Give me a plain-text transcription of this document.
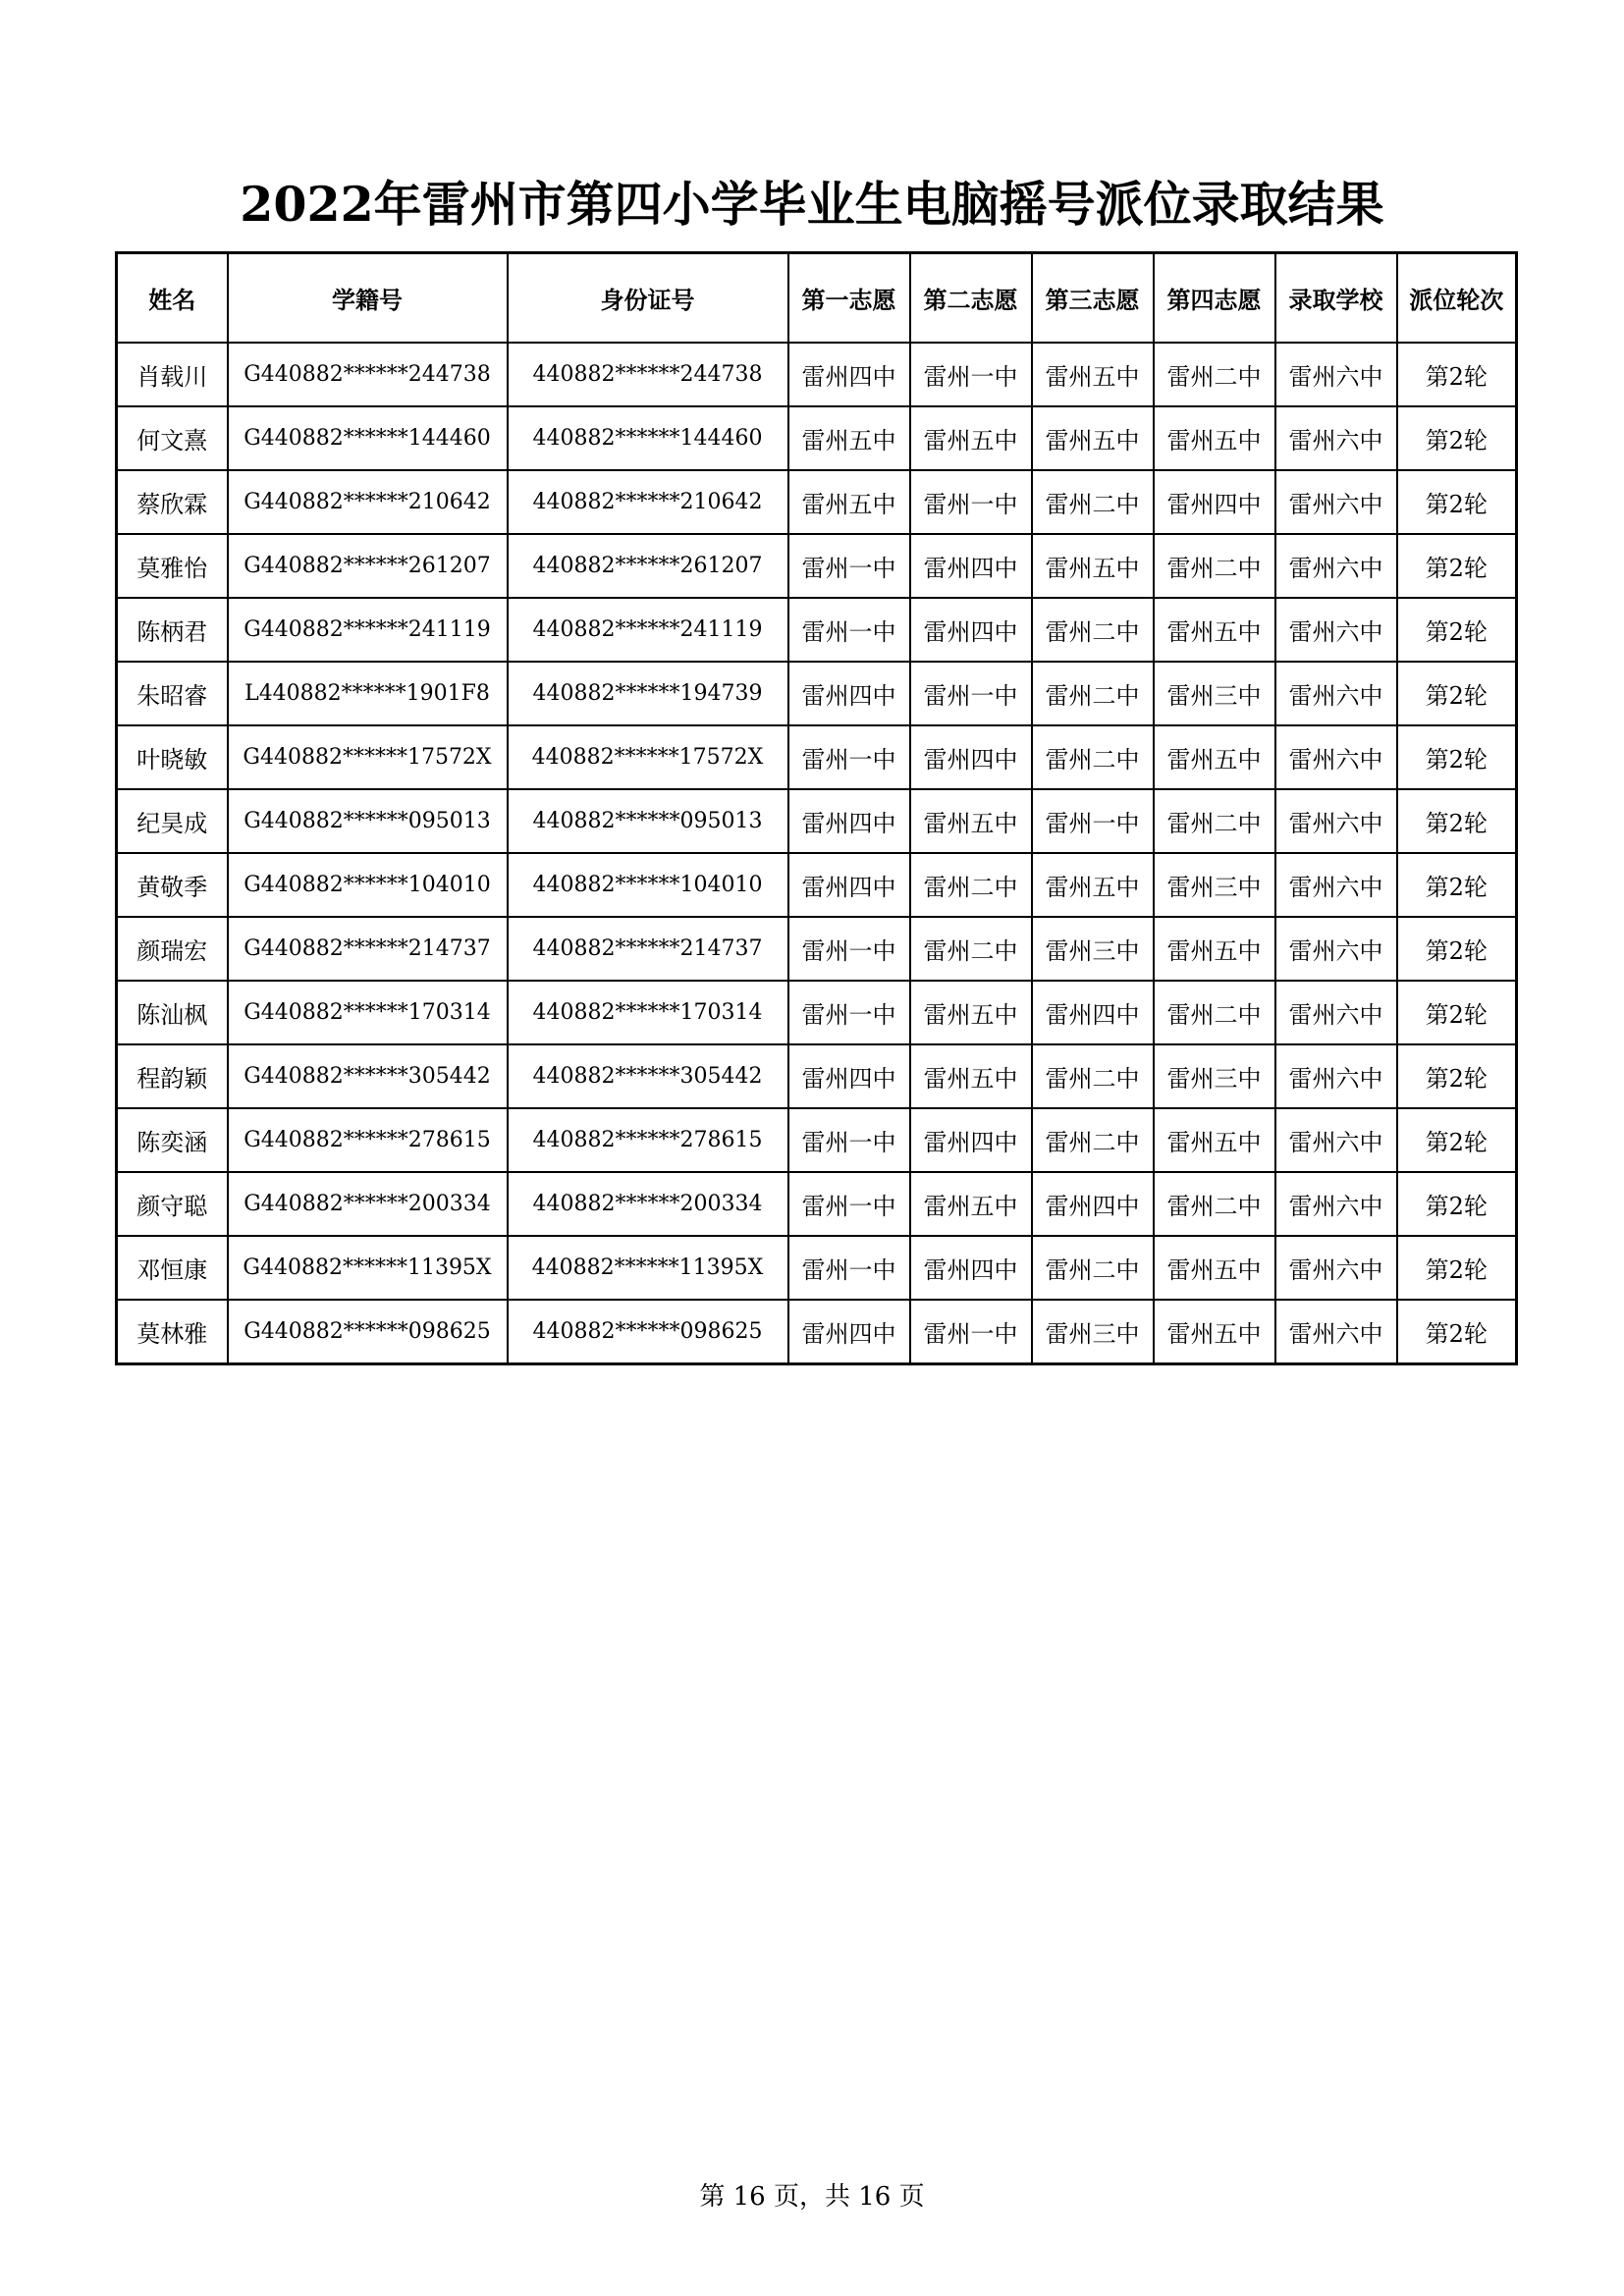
2022年雷州市第四小学毕业生电脑摇号派位录取结果
姓名	学籍号	身份证号	第一志愿	第二志愿	第三志愿	第四志愿	录取学校	派位轮次
肖载川	G440882******244738	440882******244738	雷州四中	雷州一中	雷州五中	雷州二中	雷州六中	第2轮
何文熹	G440882******144460	440882******144460	雷州五中	雷州五中	雷州五中	雷州五中	雷州六中	第2轮
蔡欣霖	G440882******210642	440882******210642	雷州五中	雷州一中	雷州二中	雷州四中	雷州六中	第2轮
莫雅怡	G440882******261207	440882******261207	雷州一中	雷州四中	雷州五中	雷州二中	雷州六中	第2轮
陈柄君	G440882******241119	440882******241119	雷州一中	雷州四中	雷州二中	雷州五中	雷州六中	第2轮
朱昭睿	L440882******1901F8	440882******194739	雷州四中	雷州一中	雷州二中	雷州三中	雷州六中	第2轮
叶晓敏	G440882******17572X	440882******17572X	雷州一中	雷州四中	雷州二中	雷州五中	雷州六中	第2轮
纪昊成	G440882******095013	440882******095013	雷州四中	雷州五中	雷州一中	雷州二中	雷州六中	第2轮
黄敬季	G440882******104010	440882******104010	雷州四中	雷州二中	雷州五中	雷州三中	雷州六中	第2轮
颜瑞宏	G440882******214737	440882******214737	雷州一中	雷州二中	雷州三中	雷州五中	雷州六中	第2轮
陈汕枫	G440882******170314	440882******170314	雷州一中	雷州五中	雷州四中	雷州二中	雷州六中	第2轮
程韵颖	G440882******305442	440882******305442	雷州四中	雷州五中	雷州二中	雷州三中	雷州六中	第2轮
陈奕涵	G440882******278615	440882******278615	雷州一中	雷州四中	雷州二中	雷州五中	雷州六中	第2轮
颜守聪	G440882******200334	440882******200334	雷州一中	雷州五中	雷州四中	雷州二中	雷州六中	第2轮
邓恒康	G440882******11395X	440882******11395X	雷州一中	雷州四中	雷州二中	雷州五中	雷州六中	第2轮
莫林雅	G440882******098625	440882******098625	雷州四中	雷州一中	雷州三中	雷州五中	雷州六中	第2轮
第 16 页，共 16 页
